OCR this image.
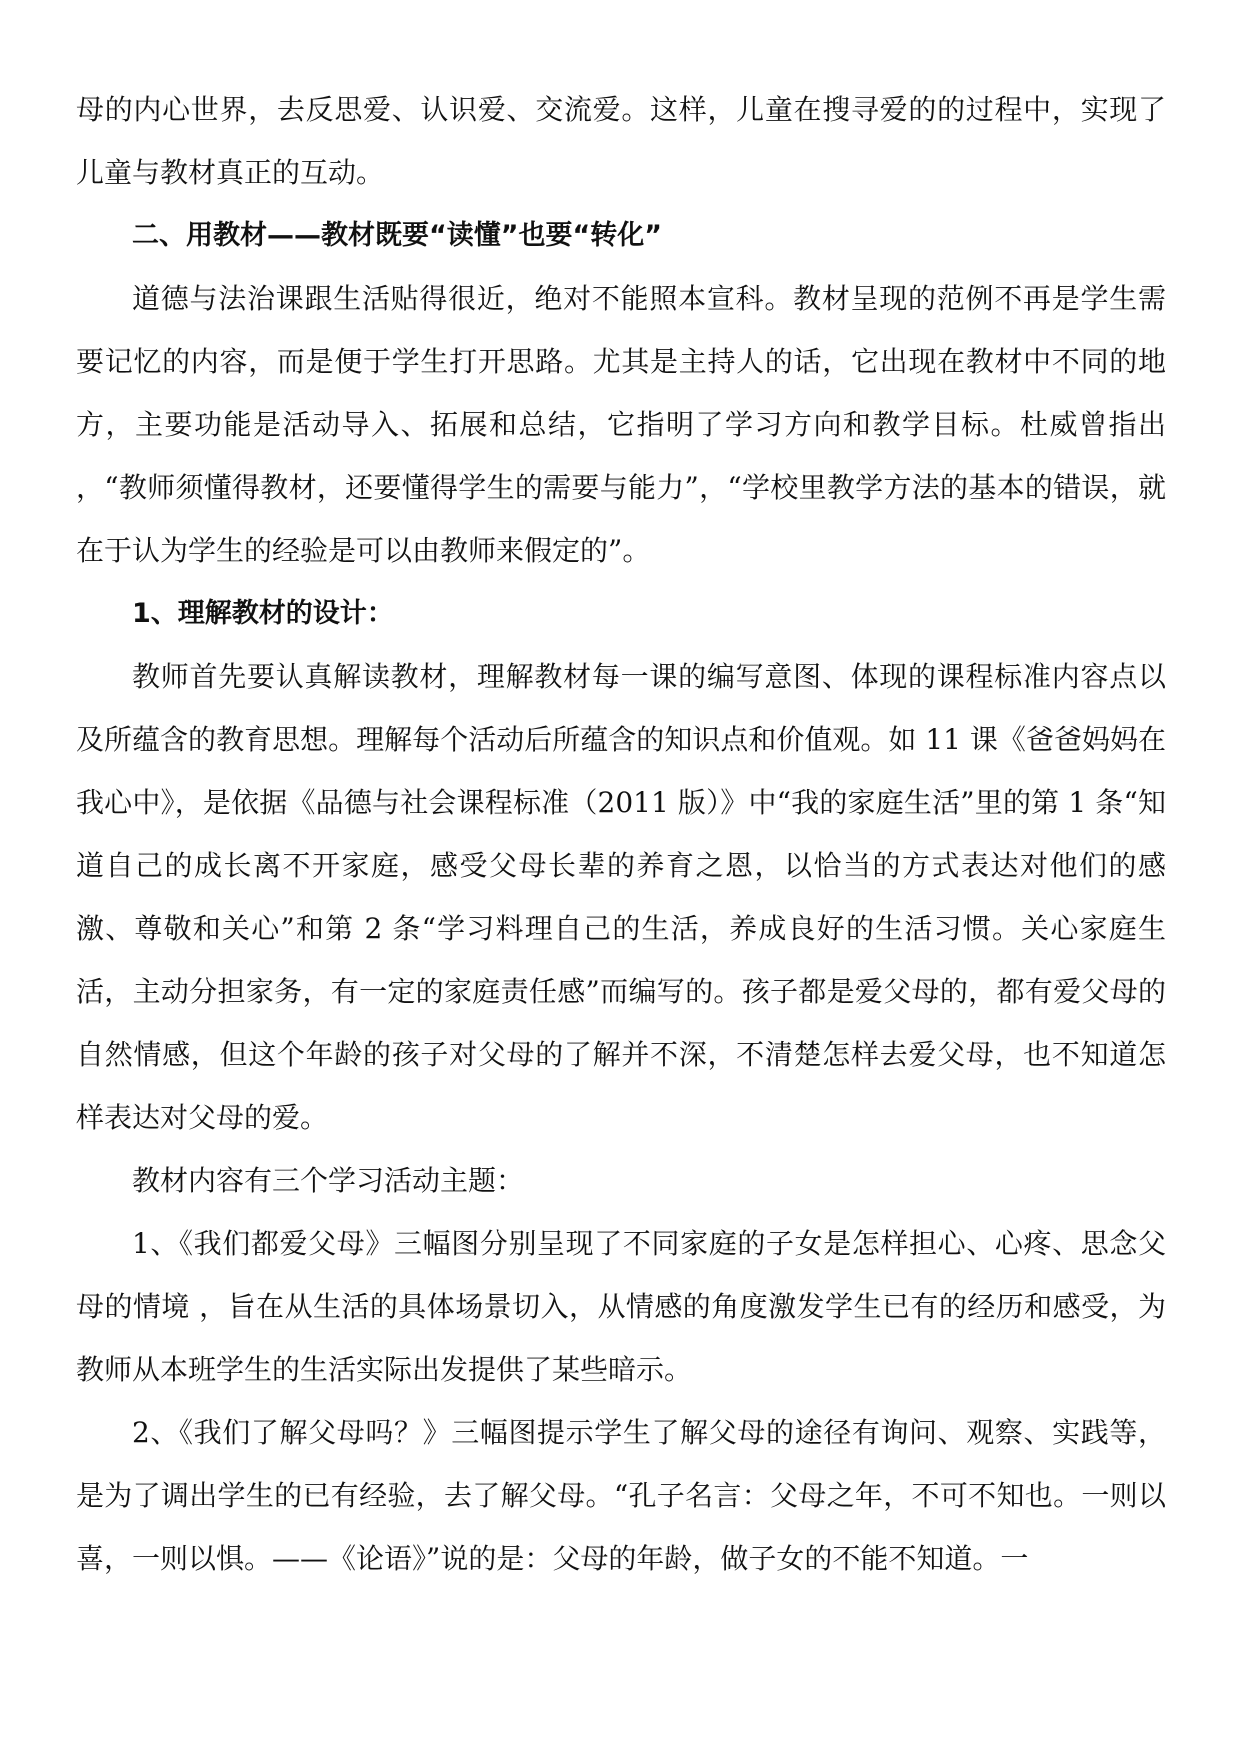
母的内心世界，去反思爱、认识爱、交流爱。这样，儿童在搜寻爱的的过程中，实现了儿童与教材真正的互动。

二、用教材——教材既要“读懂”也要“转化”

道德与法治课跟生活贴得很近，绝对不能照本宣科。教材呈现的范例不再是学生需要记忆的内容，而是便于学生打开思路。尤其是主持人的话，它出现在教材中不同的地方，主要功能是活动导入、拓展和总结，它指明了学习方向和教学目标。杜威曾指出 ，“教师须懂得教材，还要懂得学生的需要与能力”，“学校里教学方法的基本的错误，就在于认为学生的经验是可以由教师来假定的”。

1、理解教材的设计：

教师首先要认真解读教材，理解教材每一课的编写意图、体现的课程标准内容点以及所蕴含的教育思想。理解每个活动后所蕴含的知识点和价值观。如 11 课《爸爸妈妈在我心中》，是依据《品德与社会课程标准（2011 版）》中“我的家庭生活”里的第 1 条“知道自己的成长离不开家庭，感受父母长辈的养育之恩，以恰当的方式表达对他们的感激、尊敬和关心”和第 2 条“学习料理自己的生活，养成良好的生活习惯。关心家庭生活，主动分担家务，有一定的家庭责任感”而编写的。孩子都是爱父母的，都有爱父母的自然情感，但这个年龄的孩子对父母的了解并不深，不清楚怎样去爱父母，也不知道怎样表达对父母的爱。

教材内容有三个学习活动主题：

1、《我们都爱父母》三幅图分别呈现了不同家庭的子女是怎样担心、心疼、思念父母的情境 ，旨在从生活的具体场景切入，从情感的角度激发学生已有的经历和感受，为教师从本班学生的生活实际出发提供了某些暗示。

2、《我们了解父母吗？》三幅图提示学生了解父母的途径有询问、观察、实践等，是为了调出学生的已有经验，去了解父母。“孔子名言：父母之年，不可不知也。一则以喜，一则以惧。——《论语》”说的是：父母的年龄，做子女的不能不知道。一
